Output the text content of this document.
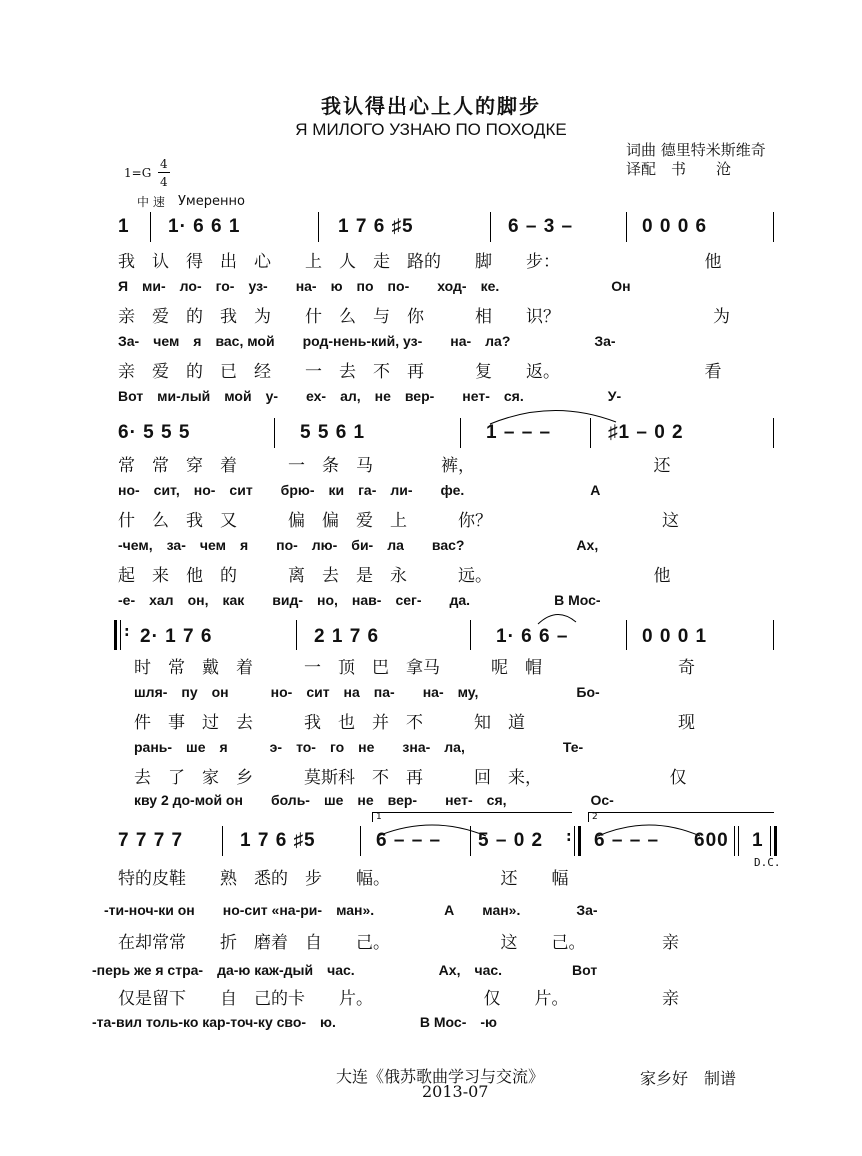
我认得出心上人的脚步
Я МИЛОГО УЗНАЮ ПО ПОХОДКЕ
词曲 德里特米斯维奇
译配　书　　沧
1=G
4
4
中 速 Умеренно
1 1· 6 6 1	1 7 6 ♯5	6 – 3 –	0 0 0 6
我　认　得　出　心　　上　人　走　路的　　脚　　步：　　　　　　　　　他
Я　ми-　ло-　го-　уз-　　на-　ю　по　по-　　ход-　ке.　　　　　　　　Он
亲　爱　的　我　为　　什　么　与　你　　　相　　识？　　　　　　　　　为
За-　чем　я　вас, мой　　род-нень-кий, уз-　　на-　ла?　　　　　　За-
亲　爱　的　已　经　　一　去　不　再　　　复　　返。　　　　　　　　　看
Вот　ми-лый　мой　у-　　ех-　ал,　не　вер-　　нет-　ся.　　　　　　У-
6· 5 5 5	5 5 6 1	1 – – –	♯1 – 0 2
常　常　穿　着　　　一　条　马　　　　裤，　　　　　　　　　　　还
но-　сит,　но-　сит　　брю-　ки　га-　ли-　　фе.　　　　　　　　　А
什　么　我　又　　　偏　偏　爱　上　　　你？　　　　　　　　　　这
-чем,　за-　чем　я　　по-　лю-　би-　ла　　вас?　　　　　　　　Ах,
起　来　他　的　　　离　去　是　永　　　远。　　　　　　　　　　他
-е-　хал　он,　как　　вид-　но,　нав-　сег-　　да.　　　　　　В Мос-
: 2· 1 7 6	2 1 7 6	1· 6 6 –	0 0 0 1
时　常　戴　着　　　一　顶　巴　拿马　　　呢　帽　　　　　　　　奇
шля-　пу　он　　　но-　сит　на　па-　　на-　му,　　　　　　　Бо-
件　事　过　去　　　我　也　并　不　　　知　道　　　　　　　　　现
рань-　ше　я　　　э-　то-　го　не　　зна-　ла,　　　　　　　Те-
去　了　家　乡　　　莫斯科　不　再　　　回　来，　　　　　　　　仅
кву 2 до-мой он　　боль-　ше　не　вер-　　нет-　ся,　　　　　　Ос-
1	2
:
7 7 7 7	1 7 6 ♯5	6 – – – 5 – 0 2	6 – – – 600 1
D.C.
特的皮鞋　　熟　悉的　步　　幅。　　　　　　　还　　幅
-ти-ноч-ки он　　но-сит «на-ри-　ман».　　　　　А　　ман».　　　　За-
在却常常　　折　磨着　自　　己。　　　　　　　这　　己。　　　　　亲
-перь же я стра-　да-ю каж-дый　час.　　　　　　Ах,　час.　　　　　Вот
仅是留下　　自　己的卡　　片。　　　　　　　仅　　片。　　　　　　亲
-та-вил толь-ко кар-точ-ку сво-　ю.　　　　　　В Мос-　-ю
大连《俄苏歌曲学习与交流》	家乡好　制谱
2013-07
